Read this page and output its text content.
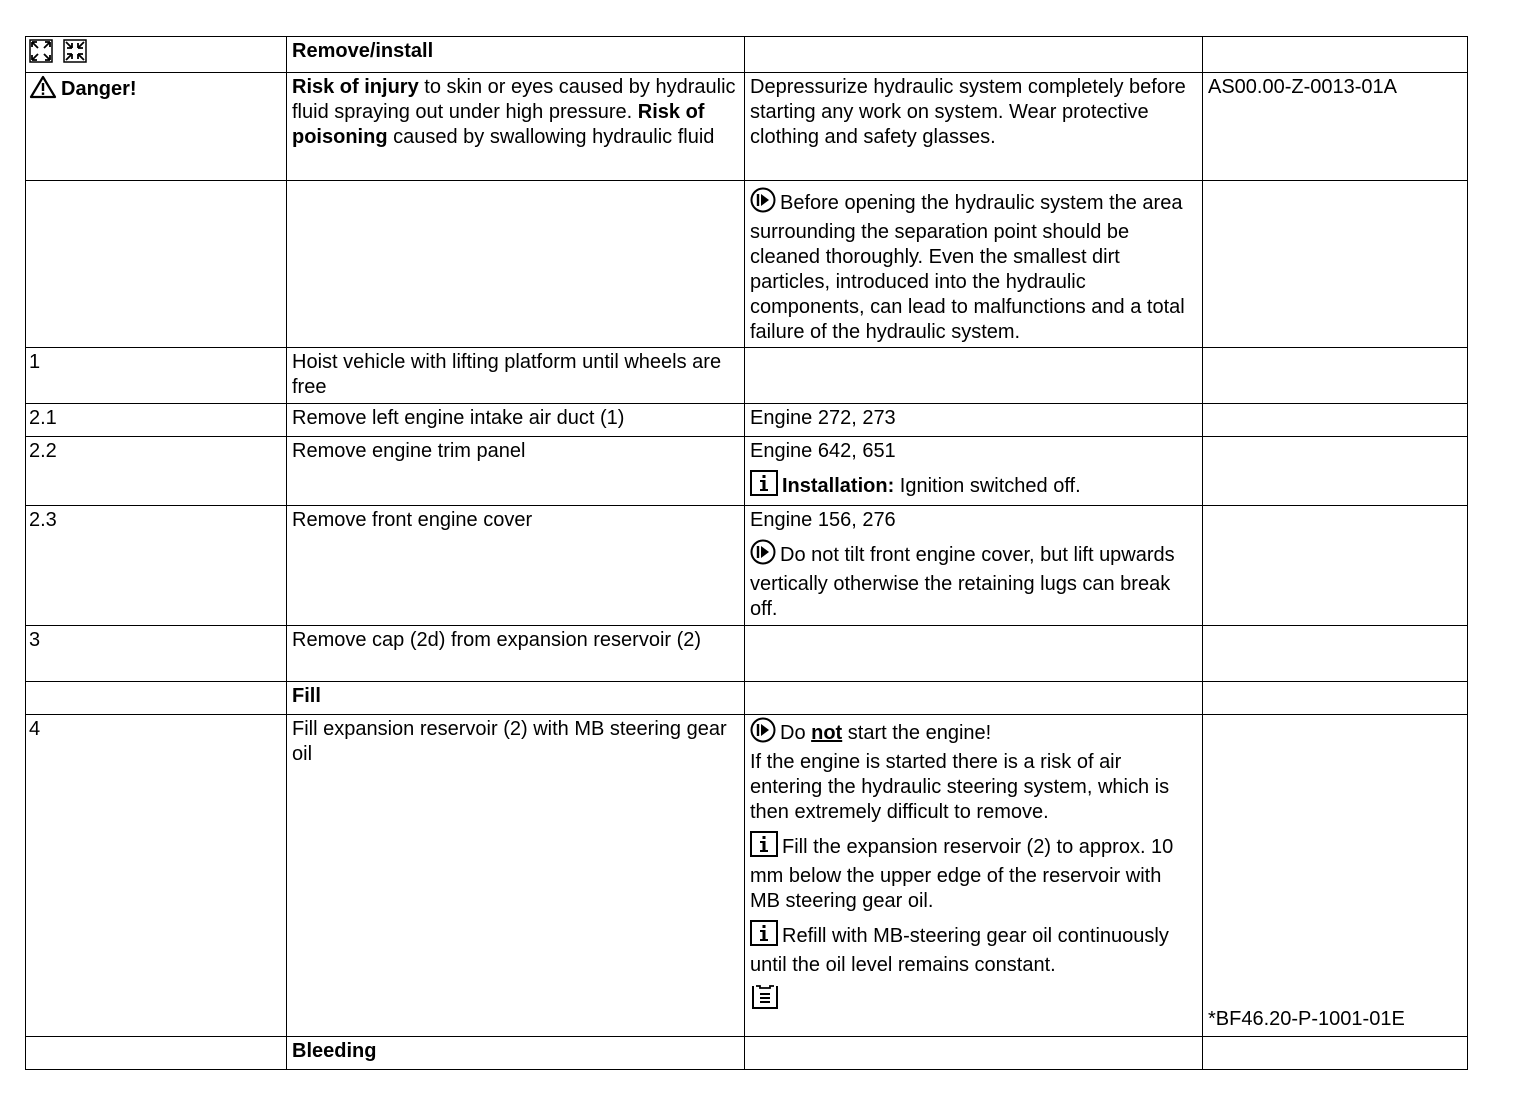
	Remove/install		
Danger!	Risk of injury to skin or eyes caused by hydraulic fluid spraying out under high pressure. Risk of poisoning caused by swallowing hydraulic fluid	Depressurize hydraulic system completely before starting any work on system. Wear protective clothing and safety glasses.	AS00.00-Z-0013-01A
		Before opening the hydraulic system the area surrounding the separation point should be cleaned thoroughly. Even the smallest dirt particles, introduced into the hydraulic components, can lead to malfunctions and a total failure of the hydraulic system.	
1	Hoist vehicle with lifting platform until wheels are free		
2.1	Remove left engine intake air duct (1)	Engine 272, 273	
2.2	Remove engine trim panel	Engine 642, 651
Installation: Ignition switched off.	

2.3	Remove front engine cover	Engine 156, 276
Do not tilt front engine cover, but lift upwards vertically otherwise the retaining lugs can break off.	

3	Remove cap (2d) from expansion reservoir (2)		
	Fill		
4	Fill expansion reservoir (2) with MB steering gear oil	Do not start the engine!
If the engine is started there is a risk of air entering the hydraulic steering system, which is then extremely difficult to remove.
Fill the expansion reservoir (2) to approx. 10 mm below the upper edge of the reservoir with MB steering gear oil.
Refill with MB-steering gear oil continuously until the oil level remains constant.	*BF46.20-P-1001-01E
	Bleeding		
